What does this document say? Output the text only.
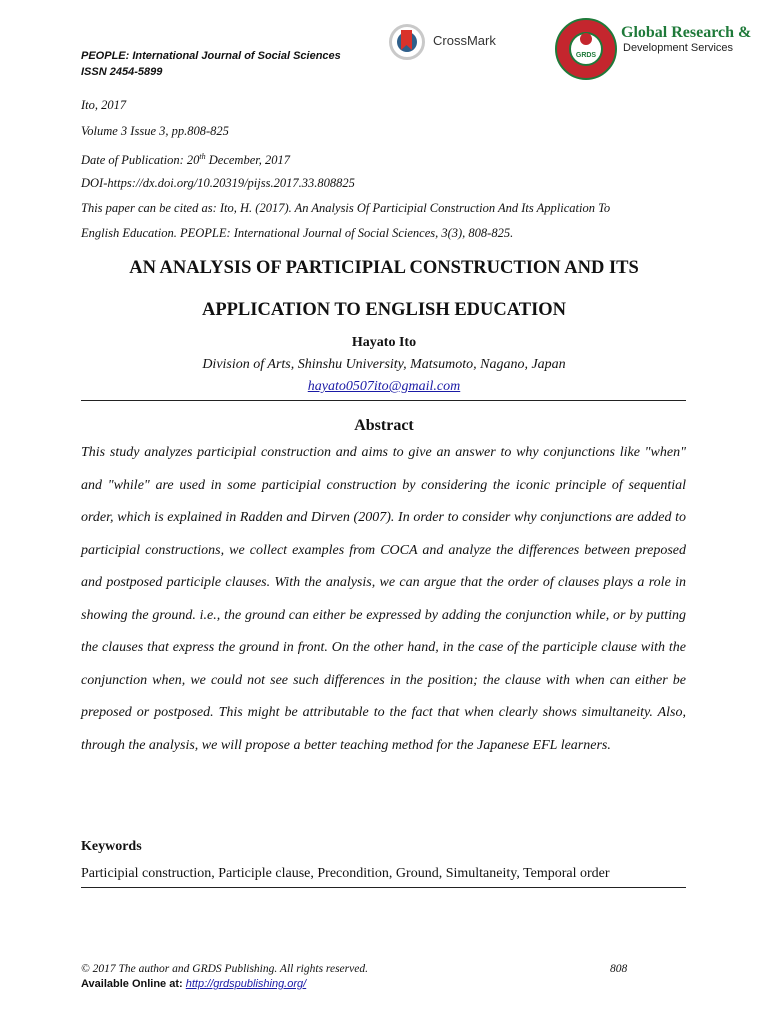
PEOPLE: International Journal of Social Sciences
ISSN 2454-5899
CrossMark
GRDS
Global Research &
Development Services
Ito, 2017
Volume 3 Issue 3, pp.808-825
Date of Publication: 20th December, 2017
DOI-https://dx.doi.org/10.20319/pijss.2017.33.808825
This paper can be cited as: Ito, H. (2017). An Analysis Of Participial Construction And Its Application To
English Education. PEOPLE: International Journal of Social Sciences, 3(3), 808-825.
AN ANALYSIS OF PARTICIPIAL CONSTRUCTION AND ITS
APPLICATION TO ENGLISH EDUCATION
Hayato Ito
Division of Arts, Shinshu University, Matsumoto, Nagano, Japan
hayato0507ito@gmail.com
Abstract
This study analyzes participial construction and aims to give an answer to why conjunctions like "when" and "while" are used in some participial construction by considering the iconic principle of sequential order, which is explained in Radden and Dirven (2007). In order to consider why conjunctions are added to participial constructions, we collect examples from COCA and analyze the differences between preposed and postposed participle clauses. With the analysis, we can argue that the order of clauses plays a role in showing the ground. i.e., the ground can either be expressed by adding the conjunction while, or by putting the clauses that express the ground in front. On the other hand, in the case of the participle clause with the conjunction when, we could not see such differences in the position; the clause with when can either be preposed or postposed. This might be attributable to the fact that when clearly shows simultaneity. Also, through the analysis, we will propose a better teaching method for the Japanese EFL learners.
Keywords
Participial construction, Participle clause, Precondition, Ground, Simultaneity, Temporal order
© 2017 The author and GRDS Publishing. All rights reserved.	808
Available Online at: http://grdspublishing.org/
